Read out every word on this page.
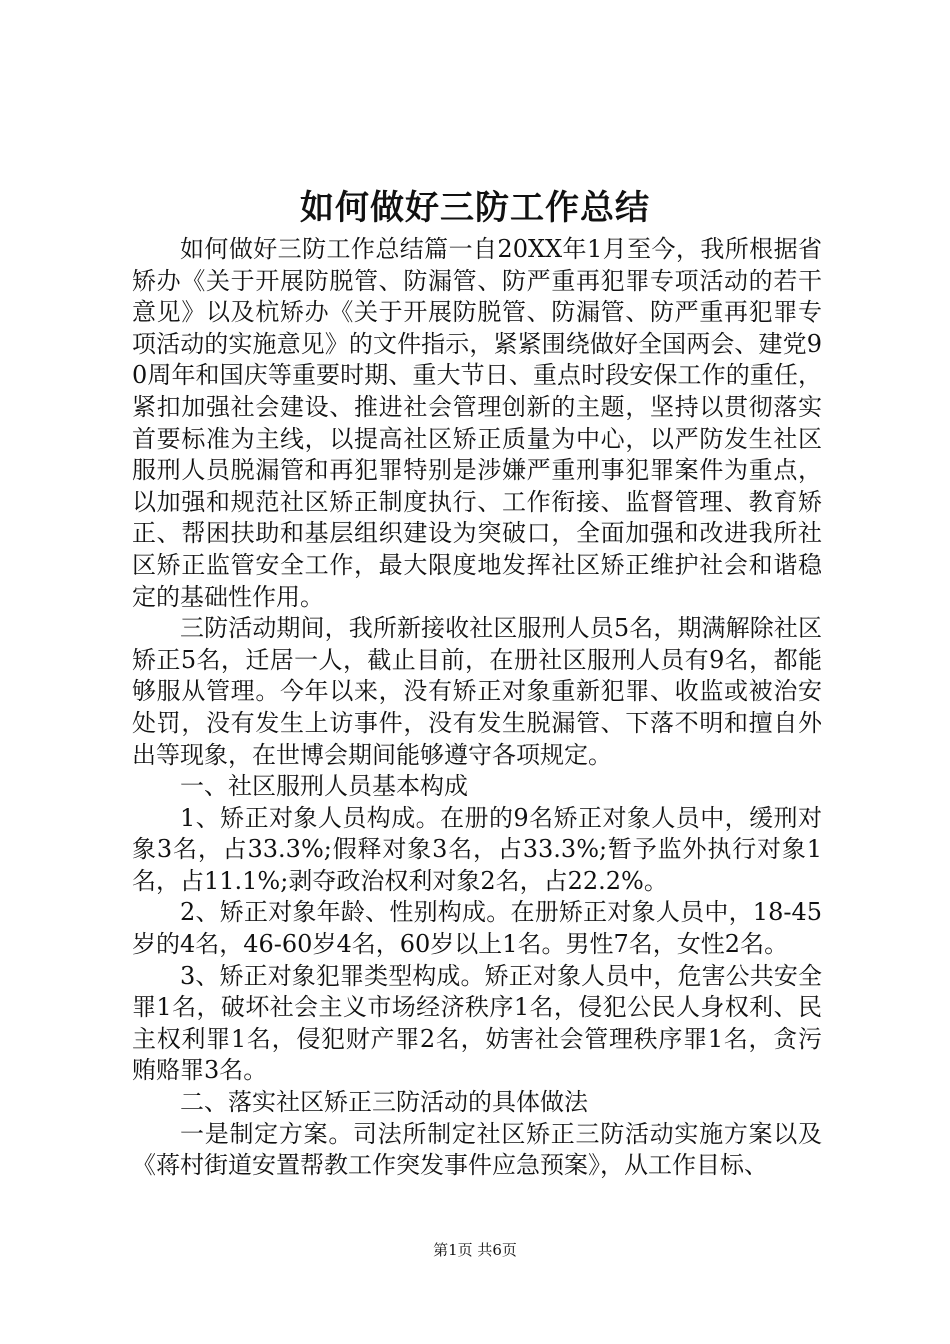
如何做好三防工作总结

如何做好三防工作总结篇一自20XX年1月至今，我所根据省矫办《关于开展防脱管、防漏管、防严重再犯罪专项活动的若干意见》以及杭矫办《关于开展防脱管、防漏管、防严重再犯罪专项活动的实施意见》的文件指示，紧紧围绕做好全国两会、建党90周年和国庆等重要时期、重大节日、重点时段安保工作的重任，紧扣加强社会建设、推进社会管理创新的主题，坚持以贯彻落实首要标准为主线，以提高社区矫正质量为中心，以严防发生社区服刑人员脱漏管和再犯罪特别是涉嫌严重刑事犯罪案件为重点，以加强和规范社区矫正制度执行、工作衔接、监督管理、教育矫正、帮困扶助和基层组织建设为突破口，全面加强和改进我所社区矫正监管安全工作，最大限度地发挥社区矫正维护社会和谐稳定的基础性作用。

三防活动期间，我所新接收社区服刑人员5名，期满解除社区矫正5名，迁居一人，截止目前，在册社区服刑人员有9名，都能够服从管理。今年以来，没有矫正对象重新犯罪、收监或被治安处罚，没有发生上访事件，没有发生脱漏管、下落不明和擅自外出等现象，在世博会期间能够遵守各项规定。

一、社区服刑人员基本构成

1、矫正对象人员构成。在册的9名矫正对象人员中，缓刑对象3名，占33.3%;假释对象3名，占33.3%;暂予监外执行对象1名，占11.1%;剥夺政治权利对象2名，占22.2%。

2、矫正对象年龄、性别构成。在册矫正对象人员中，18-45岁的4名，46-60岁4名，60岁以上1名。男性7名，女性2名。

3、矫正对象犯罪类型构成。矫正对象人员中，危害公共安全罪1名，破坏社会主义市场经济秩序1名，侵犯公民人身权利、民主权利罪1名，侵犯财产罪2名，妨害社会管理秩序罪1名，贪污贿赂罪3名。

二、落实社区矫正三防活动的具体做法

一是制定方案。司法所制定社区矫正三防活动实施方案以及《蒋村街道安置帮教工作突发事件应急预案》，从工作目标、

第1页 共6页
